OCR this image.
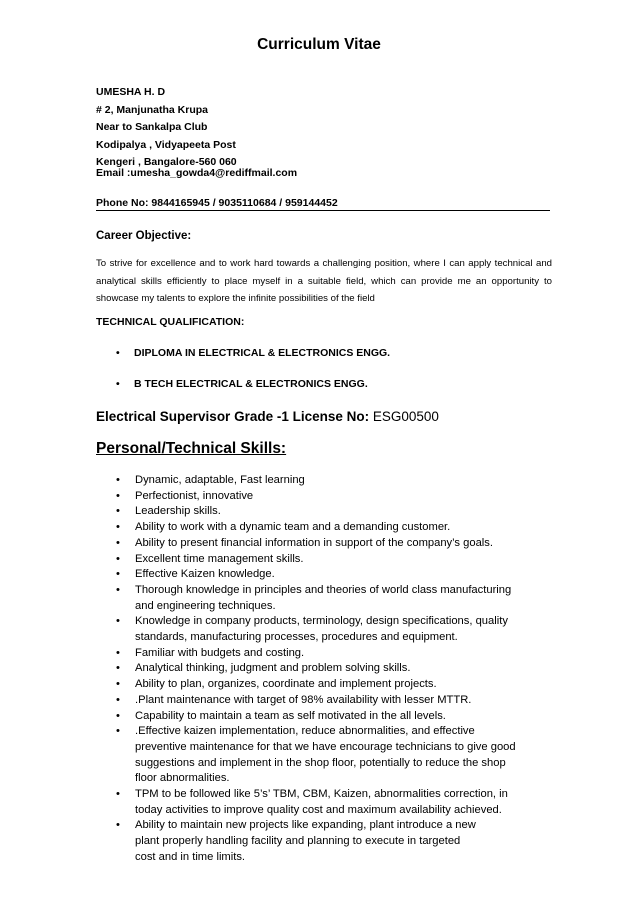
Curriculum Vitae
UMESHA H. D
# 2, Manjunatha Krupa
Near to Sankalpa Club
Kodipalya , Vidyapeeta Post
Kengeri , Bangalore-560 060
Email :umesha_gowda4@rediffmail.com
Phone No: 9844165945 / 9035110684 / 959144452
Career Objective:
To strive for excellence and to work hard towards a challenging position, where I can apply technical and analytical skills efficiently to place myself in a suitable field, which can provide me an opportunity to showcase my talents to explore the infinite possibilities of the field
TECHNICAL QUALIFICATION:
• DIPLOMA IN ELECTRICAL & ELECTRONICS ENGG.
• B TECH ELECTRICAL & ELECTRONICS ENGG.
Electrical Supervisor Grade -1 License No: ESG00500
Personal/Technical Skills:
• Dynamic, adaptable, Fast learning
• Perfectionist, innovative
• Leadership skills.
• Ability to work with a dynamic team and a demanding customer.
• Ability to present financial information in support of the company’s goals.
• Excellent time management skills.
• Effective Kaizen knowledge.
• Thorough knowledge in principles and theories of world class manufacturing
and engineering techniques.
• Knowledge in company products, terminology, design specifications, quality
standards, manufacturing processes, procedures and equipment.
• Familiar with budgets and costing.
• Analytical thinking, judgment and problem solving skills.
• Ability to plan, organizes, coordinate and implement projects.
• .Plant maintenance with target of 98% availability with lesser MTTR.
• Capability to maintain a team as self motivated in the all levels.
• .Effective kaizen implementation, reduce abnormalities, and effective
preventive maintenance for that we have encourage technicians to give good
suggestions and implement in the shop floor, potentially to reduce the shop
floor abnormalities.
• TPM to be followed like 5’s’ TBM, CBM, Kaizen, abnormalities correction, in
today activities to improve quality cost and maximum availability achieved.
• Ability to maintain new projects like expanding, plant introduce a new
plant properly handling facility and planning to execute in targeted
cost and in time limits.
